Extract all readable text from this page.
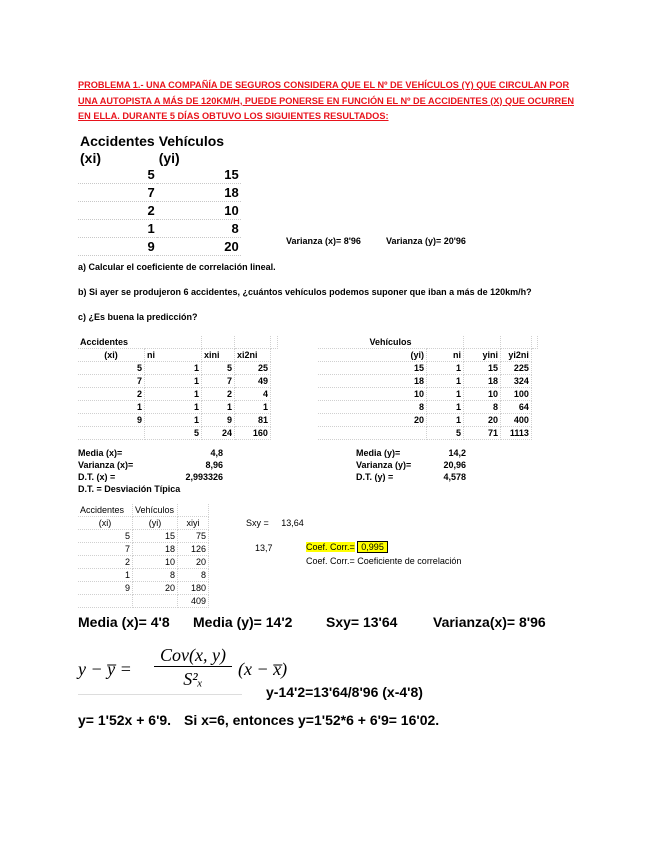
PROBLEMA 1.- UNA COMPAÑÍA DE SEGUROS CONSIDERA QUE EL Nº DE VEHÍCULOS (Y) QUE CIRCULAN POR UNA AUTOPISTA A MÁS DE 120KM/H, PUEDE PONERSE EN FUNCIÓN EL Nº DE ACCIDENTES (X) QUE OCURREN EN ELLA. DURANTE 5 DÍAS OBTUVO LOS SIGUIENTES RESULTADOS:
Accidentes	Vehículos
(xi)	(yi)
5	15
7	18
2	10
1	8
9	20	Varianza (x)= 8'96	Varianza (y)= 20'96
a) Calcular el coeficiente de correlación lineal.
b) Si ayer se produjeron 6 accidentes, ¿cuántos vehículos podemos suponer que iban a más de 120km/h?
c) ¿Es buena la predicción?
Accidentes				
(xi)	ni	xini	xi2ni	
5	1	5	25	
7	1	7	49	
2	1	2	4	
1	1	1	1	
9	1	9	81	
	5	24	160	
Vehículos				
(yi)	ni	yini	yi2ni	
15	1	15	225	
18	1	18	324	
10	1	10	100	
8	1	8	64	
20	1	20	400	
	5	71	1113	
Media (x)=	4,8
Varianza (x)=	8,96
D.T. (x) =	2,993326
D.T. = Desviación Típica
Media (y)=	14,2
Varianza (y)=	20,96
D.T. (y) =	4,578
Accidentes	Vehículos	
(xi)	(yi)	xiyi
5	15	75
7	18	126
2	10	20
1	8	8
9	20	180
		409
Sxy = 13,64
13,7	Coef. Corr.= 0,995
Coef. Corr.= Coeficiente de correlación
Media (x)= 4'8 Media (y)= 14'2 Sxy= 13'64	Varianza(x)= 8'96
y − y̅ =
Cov(x, y)
S²ₓ	(x − x̅)
y-14'2=13'64/8'96 (x-4'8)
y= 1'52x + 6'9. Si x=6, entonces y=1'52*6 + 6'9= 16'02.
